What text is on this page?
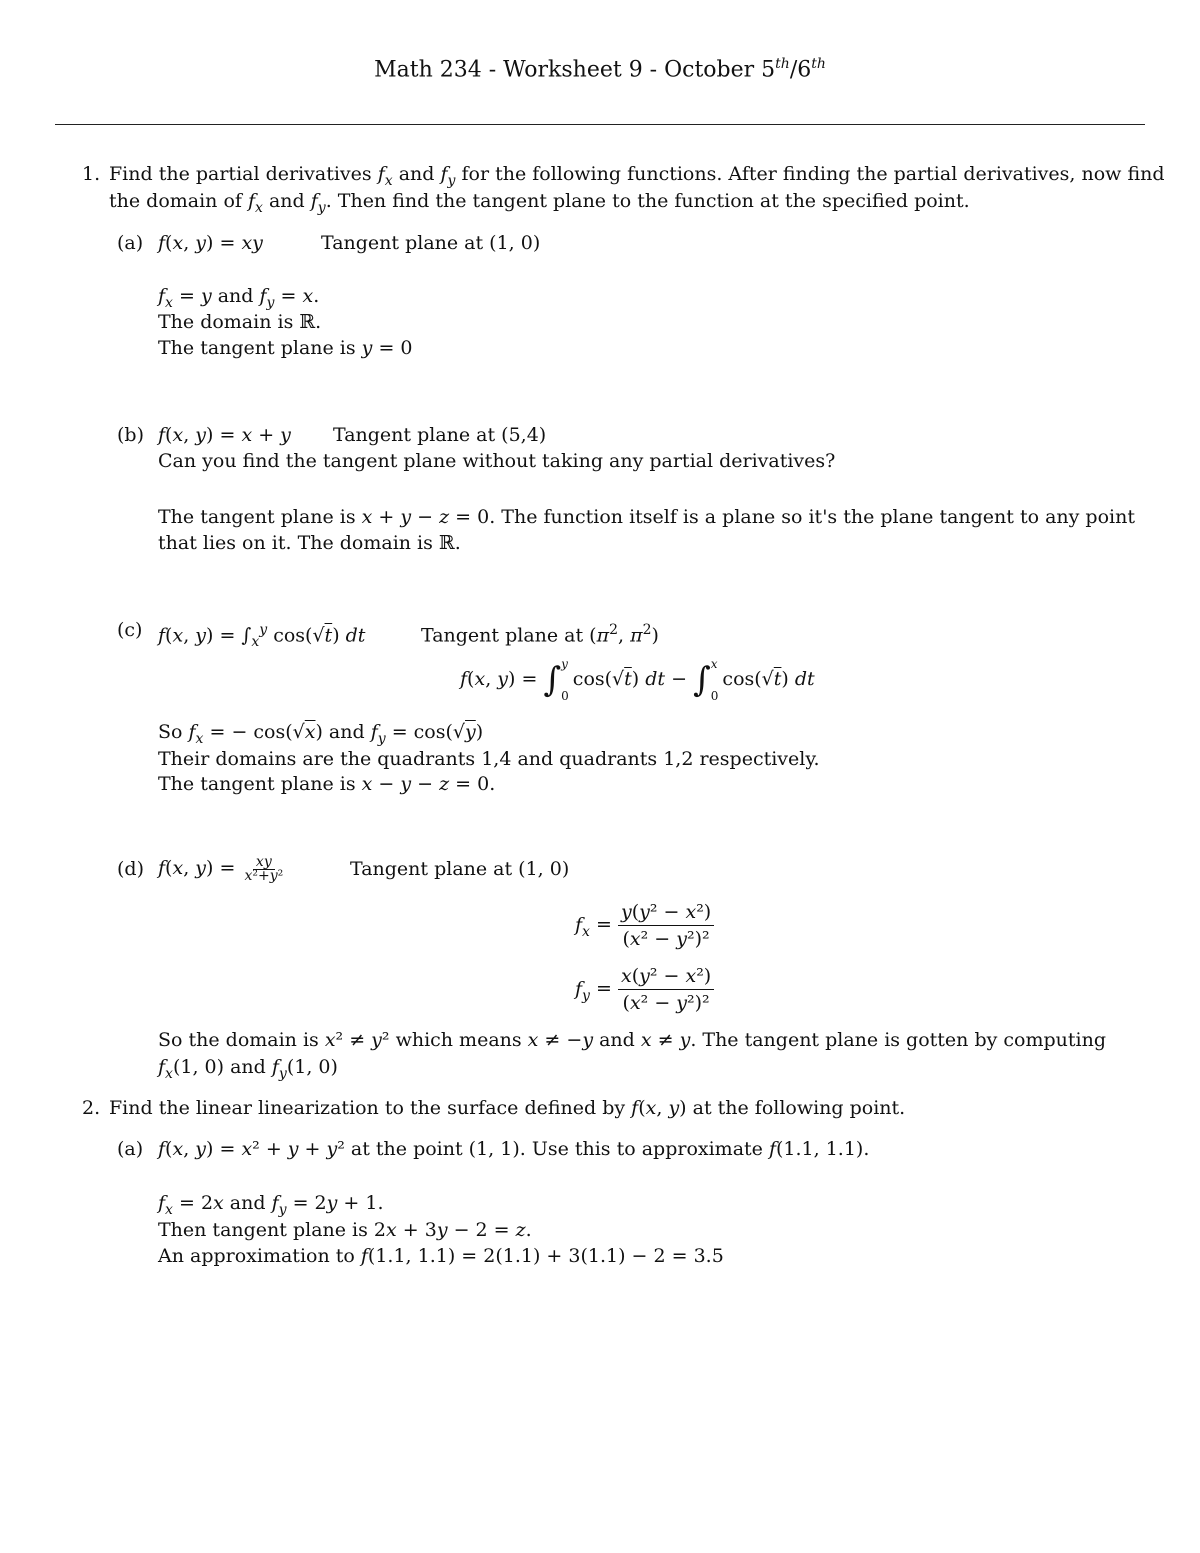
Math 234 - Worksheet 9 - October 5th/6th
1. Find the partial derivatives $f_x$ and $f_y$ for the following functions. After finding the partial derivatives, now find
the domain of $f_x$ and $f_y$. Then find the tangent plane to the function at the specified point.
(a) f(x, y) = xy	Tangent plane at (1, 0)
$f_x = y$ and $f_y = x$.
The domain is ℝ.
The tangent plane is y = 0
(b) f(x, y) = x + y Tangent plane at (5,4)
Can you find the tangent plane without taking any partial derivatives?
The tangent plane is x + y − z = 0. The function itself is a plane so it's the plane tangent to any point
that lies on it. The domain is ℝ.
(c) f(x, $y) = \int_x^y$ cos(√t) dt	Tangent plane at ($\pi^2$, $\pi^2$)
f(x, y) = ∫ y
0cos(√t) dt − ∫ x
0cos(√t) dt
So $f_x$ = − cos(√x) and $f_y = \cos(√y)$
Their domains are the quadrants 1,4 and quadrants 1,2 respectively.
The tangent plane is x − y − z = 0.
(d) f(x, $y) = \frac{xy}{\text{x²+y²}}$	Tangent plane at (1, 0)
$f_x = \frac{\text{y(y² − x²)}}{\text{(x² − y²)²}}$
$f_y = \frac{\text{x(y² − x²)}}{\text{(x² − y²)²}}$
So the domain is x² ≠ y² which means x ≠ −y and x ≠ y. The tangent plane is gotten by computing
$f_x(1$, 0) and $f_y(1$, 0)
2. Find the linear linearization to the surface defined by f(x, y) at the following point.
(a) f(x, y) = x² + y + y² at the point (1, 1). Use this to approximate f(1.1, 1.1).
$f_x = 2x$ and $f_y = 2y + 1$.
Then tangent plane is 2x + 3y − 2 = z.
An approximation to f(1.1, 1.1) = 2(1.1) + 3(1.1) − 2 = 3.5
